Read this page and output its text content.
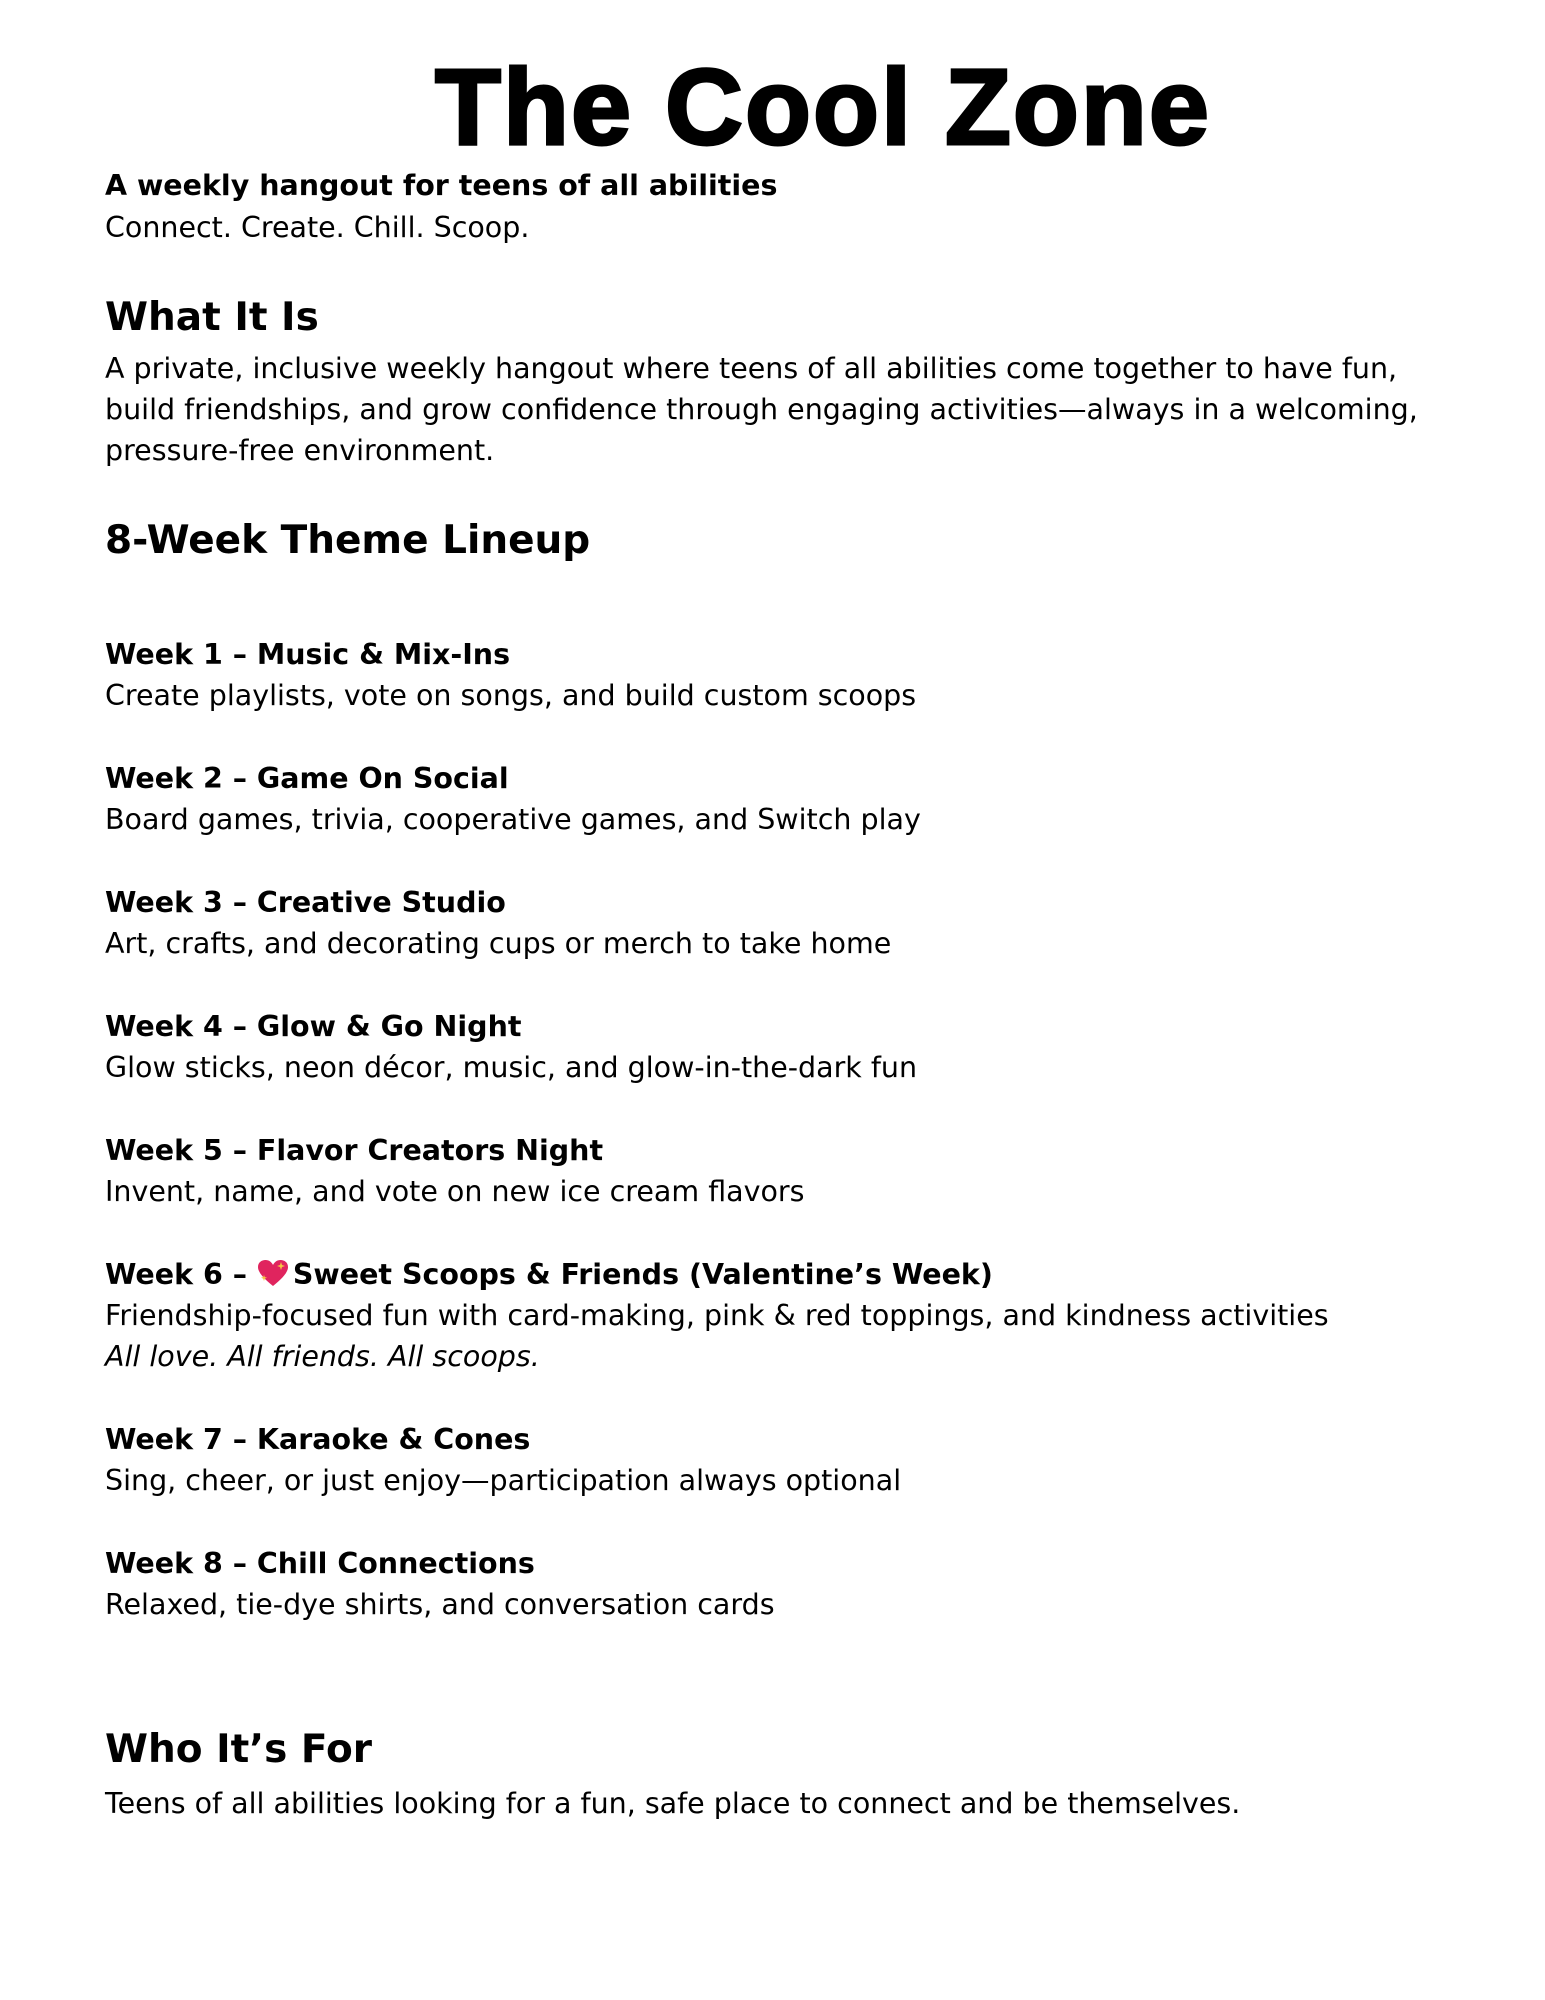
The Cool Zone
A weekly hangout for teens of all abilities
Connect. Create. Chill. Scoop.
What It Is
A private, inclusive weekly hangout where teens of all abilities come together to have fun, build friendships, and grow confidence through engaging activities—always in a welcoming, pressure-free environment.
8-Week Theme Lineup
Week 1 – Music & Mix-Ins
Create playlists, vote on songs, and build custom scoops
Week 2 – Game On Social
Board games, trivia, cooperative games, and Switch play
Week 3 – Creative Studio
Art, crafts, and decorating cups or merch to take home
Week 4 – Glow & Go Night
Glow sticks, neon décor, music, and glow-in-the-dark fun
Week 5 – Flavor Creators Night
Invent, name, and vote on new ice cream flavors
Week 6 – Sweet Scoops & Friends (Valentine’s Week)
Friendship-focused fun with card-making, pink & red toppings, and kindness activities
All love. All friends. All scoops.
Week 7 – Karaoke & Cones
Sing, cheer, or just enjoy—participation always optional
Week 8 – Chill Connections
Relaxed, tie-dye shirts, and conversation cards
Who It’s For
Teens of all abilities looking for a fun, safe place to connect and be themselves.
